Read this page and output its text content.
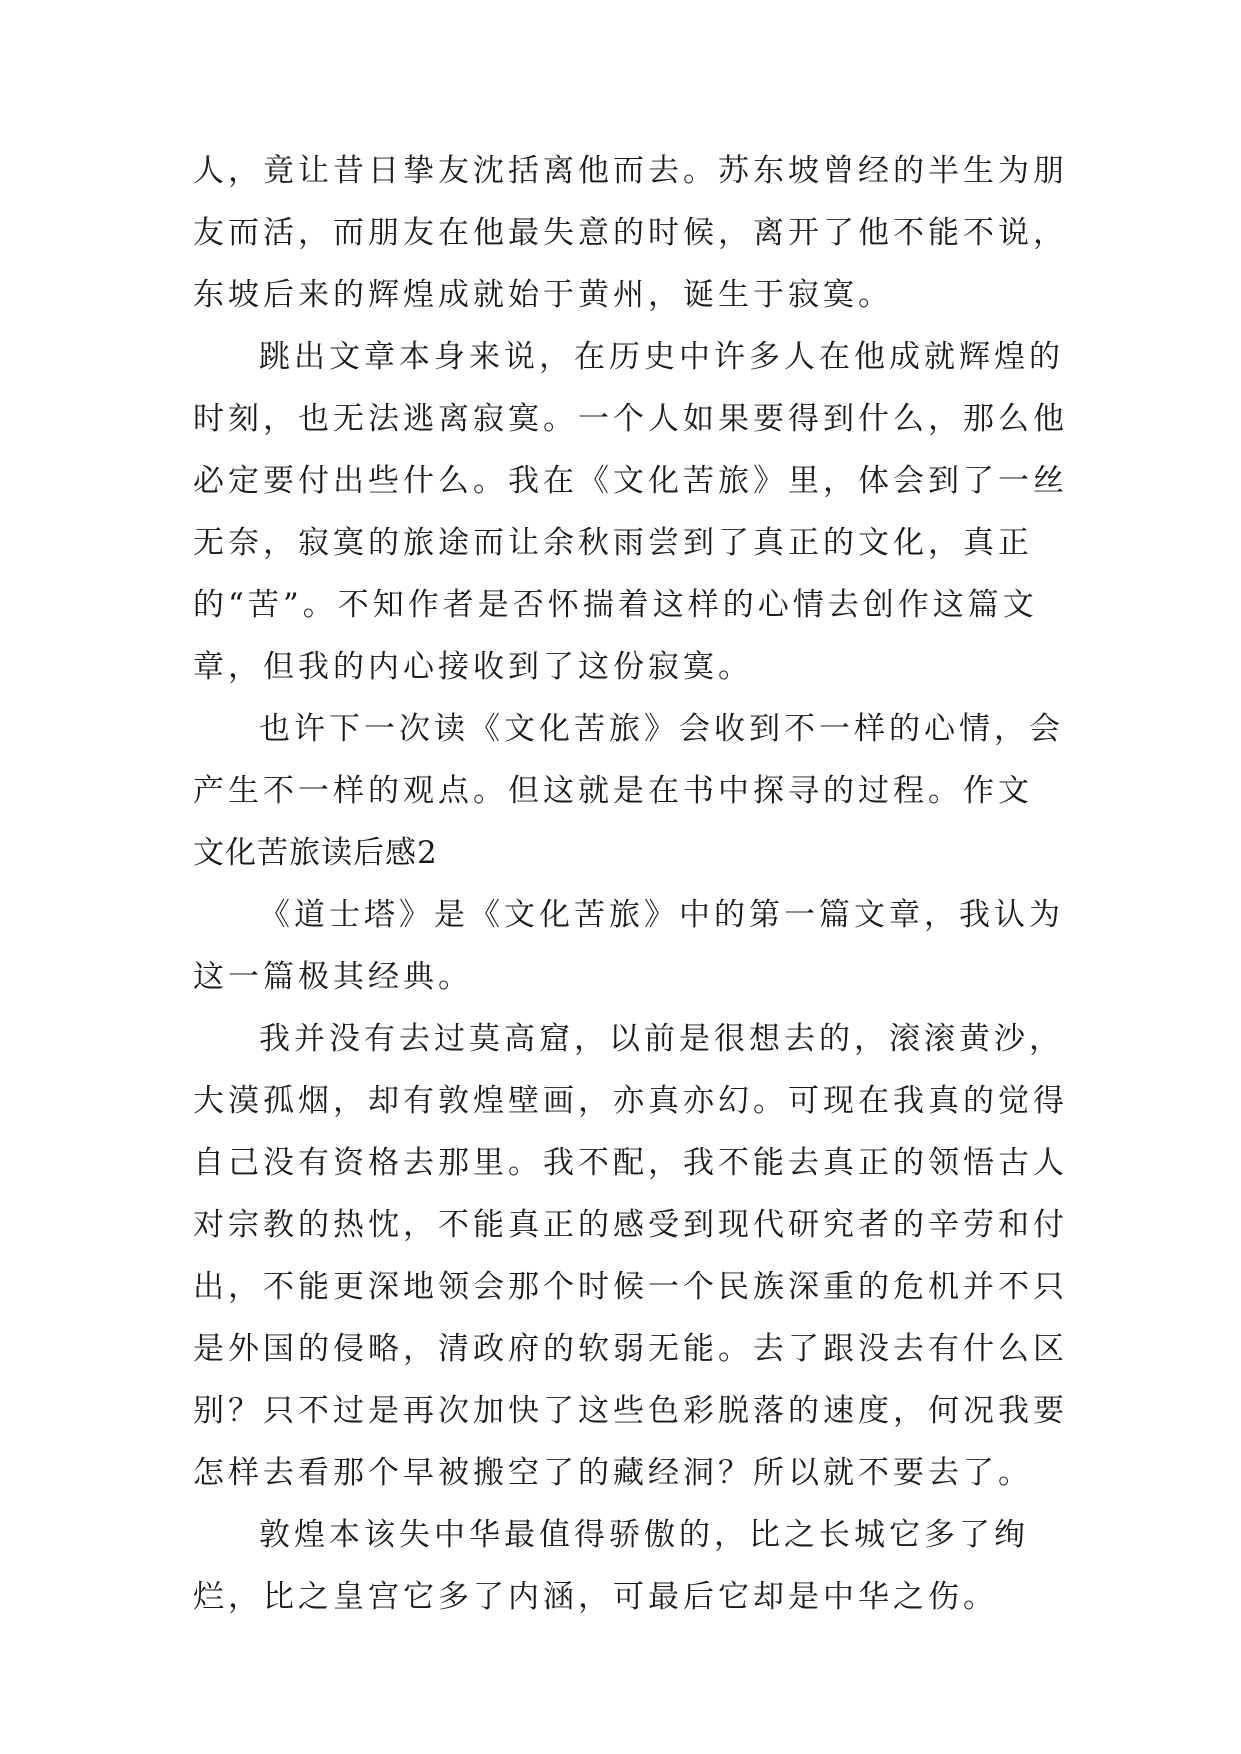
人，竟让昔日挚友沈括离他而去。苏东坡曾经的半生为朋友而活，而朋友在他最失意的时候，离开了他不能不说，东坡后来的辉煌成就始于黄州，诞生于寂寞。

跳出文章本身来说，在历史中许多人在他成就辉煌的时刻，也无法逃离寂寞。一个人如果要得到什么，那么他必定要付出些什么。我在《文化苦旅》里，体会到了一丝无奈，寂寞的旅途而让余秋雨尝到了真正的文化，真正的“苦”。不知作者是否怀揣着这样的心情去创作这篇文章，但我的内心接收到了这份寂寞。

也许下一次读《文化苦旅》会收到不一样的心情，会产生不一样的观点。但这就是在书中探寻的过程。作文

文化苦旅读后感2

《道士塔》是《文化苦旅》中的第一篇文章，我认为这一篇极其经典。

我并没有去过莫高窟，以前是很想去的，滚滚黄沙，大漠孤烟，却有敦煌壁画，亦真亦幻。可现在我真的觉得自己没有资格去那里。我不配，我不能去真正的领悟古人对宗教的热忱，不能真正的感受到现代研究者的辛劳和付出，不能更深地领会那个时候一个民族深重的危机并不只是外国的侵略，清政府的软弱无能。去了跟没去有什么区别？只不过是再次加快了这些色彩脱落的速度，何况我要怎样去看那个早被搬空了的藏经洞？所以就不要去了。

敦煌本该失中华最值得骄傲的，比之长城它多了绚烂，比之皇宫它多了内涵，可最后它却是中华之伤。
